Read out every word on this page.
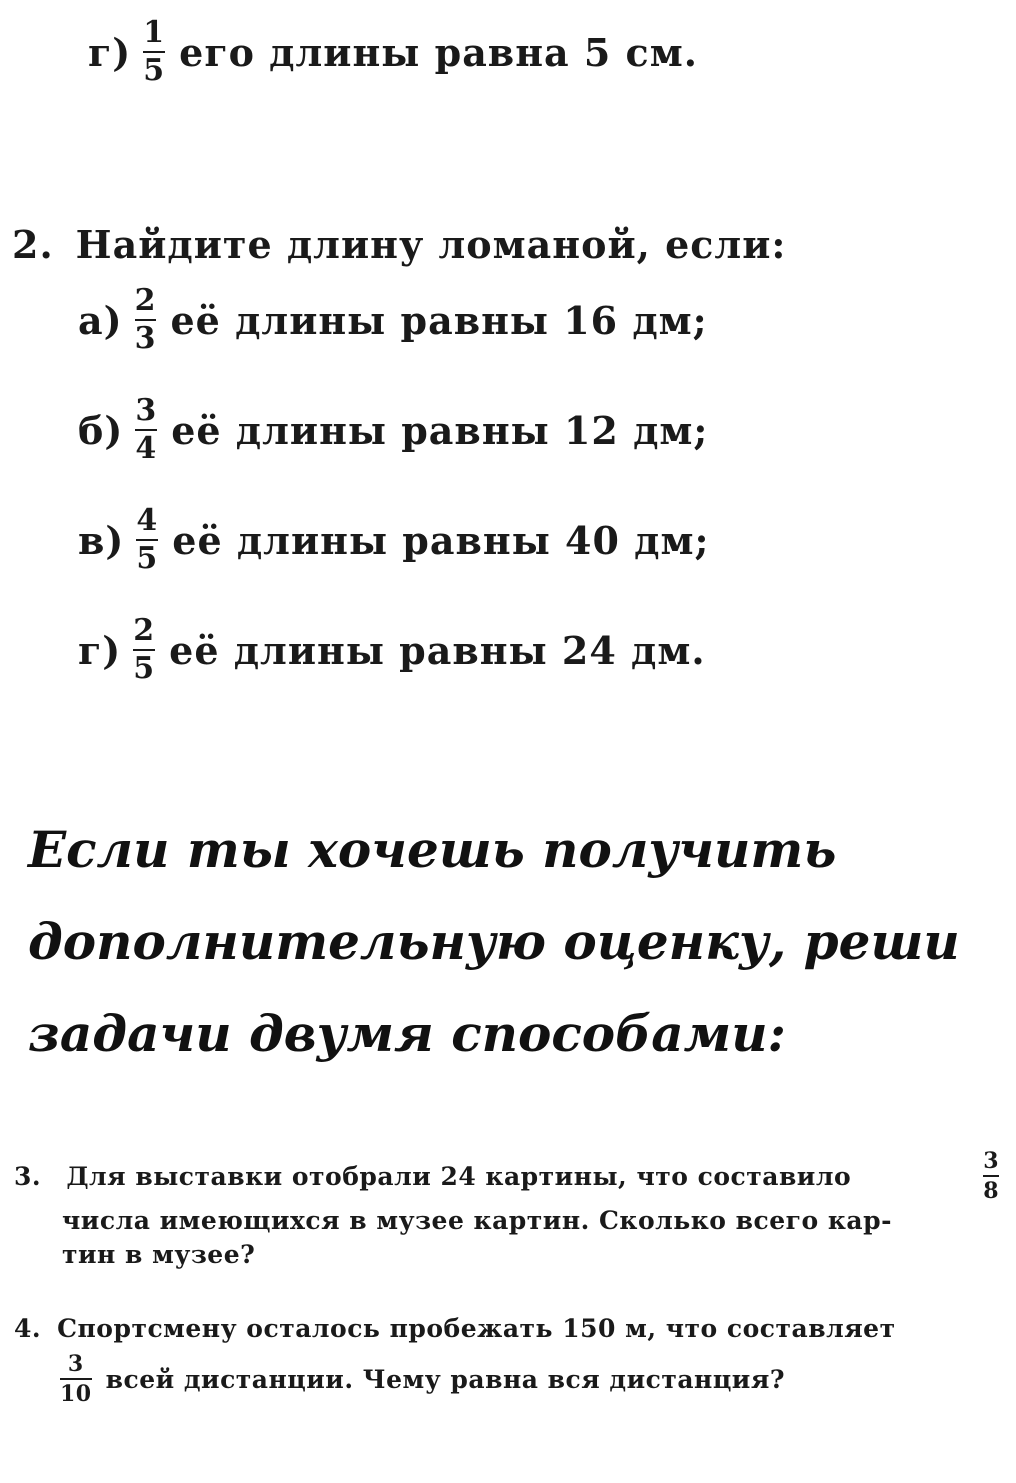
$г) \frac{1}{5}$ его длины равна 5 см.
2. Найдите длину ломаной, если:
$а) \frac{2}{3}$ её длины равны 16 дм;
$б) \frac{3}{4}$ её длины равны 12 дм;
$в) \frac{4}{5}$ её длины равны 40 дм;
$г) \frac{2}{5}$ её длины равны 24 дм.
Если ты хочешь получить
дополнительную оценку, реши
задачи двумя способами:
3. Для выставки отобрали 24 картины, что составило	$\frac{3}{8}$
числа имеющихся в музее картин. Сколько всего кар-
тин в музее?
4. Спортсмену осталось пробежать 150 м, что составляет
$\frac{3}{10}$ всей дистанции. Чему равна вся дистанция?
